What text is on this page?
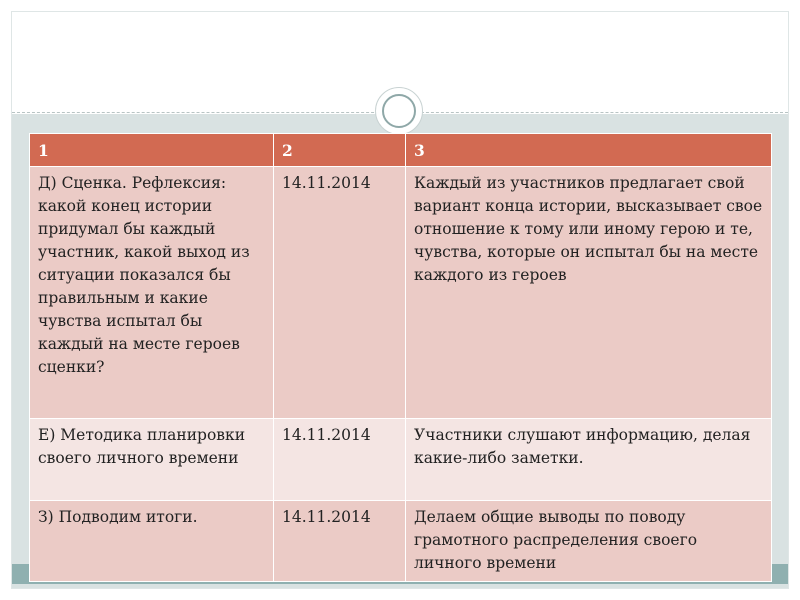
1	2	3
Д) Сценка. Рефлексия: какой конец истории придумал бы каждый участник, какой выход из ситуации показался бы правильным и какие чувства испытал бы каждый на месте героев сценки?	14.11.2014	Каждый из участников предлагает свой вариант конца истории, высказывает свое отношение к тому или иному герою и те, чувства, которые он испытал бы на месте каждого из героев
Е) Методика планировки своего личного времени	14.11.2014	Участники слушают информацию, делая какие-либо заметки.
З) Подводим итоги.	14.11.2014	Делаем общие выводы по поводу грамотного распределения своего личного времени
